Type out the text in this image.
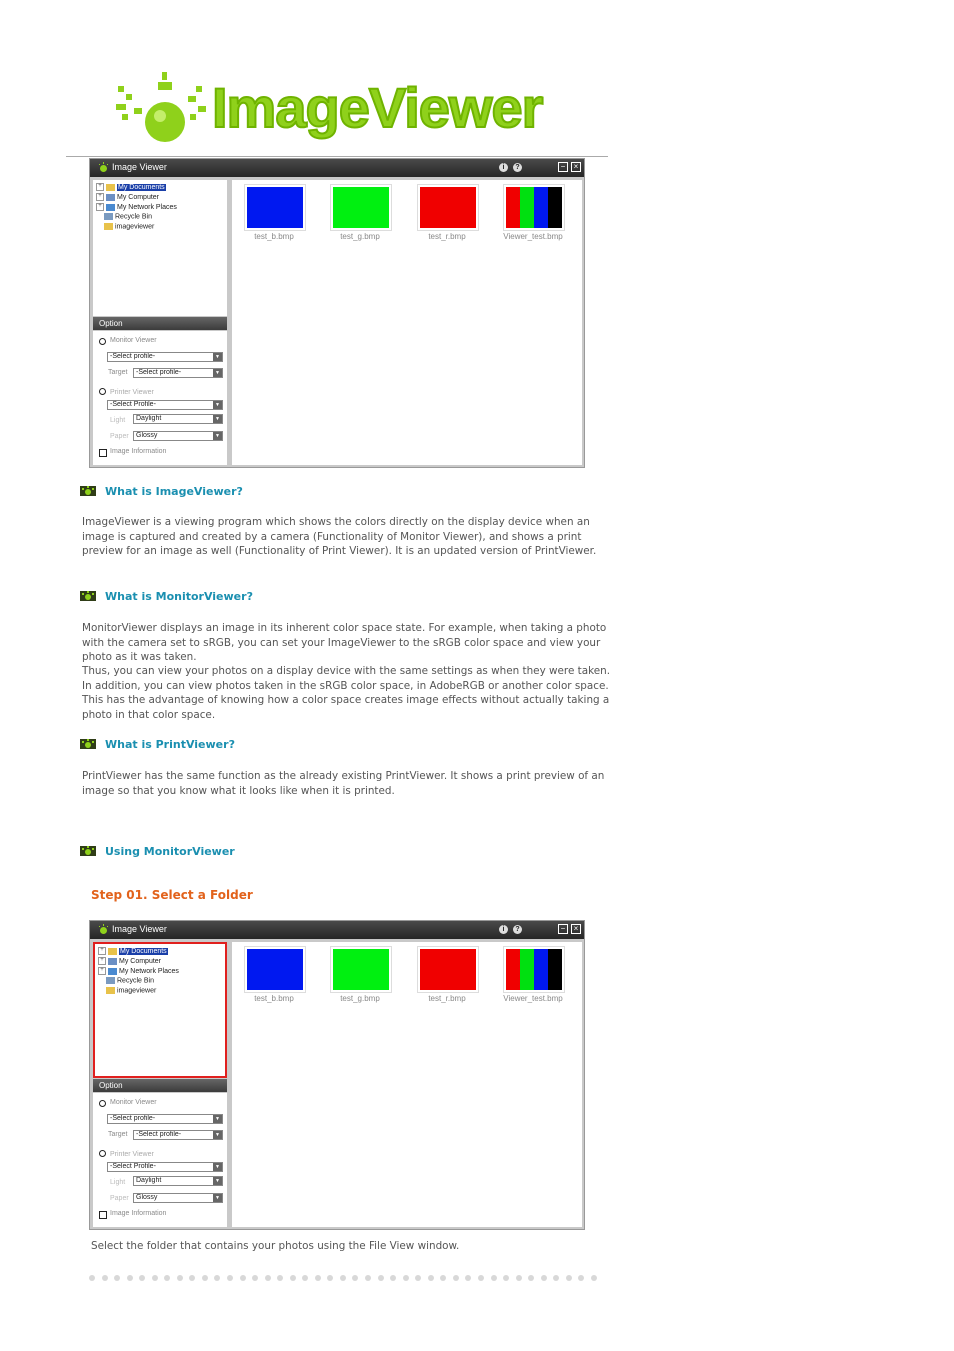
ImageViewer
Image Viewer	i	?	−	×
+ My Documents
+ My Computer
+ My Network Places
Recycle Bin
imageviewer
Option
Monitor Viewer
-Select profile-	▼
Target	-Select profile-	▼
Printer Viewer
-Select Profile-	▼
Light	Daylight	▼
Paper	Glossy	▼
Image Information
test_b.bmp	test_g.bmp	test_r.bmp	Viewer_test.bmp
What is ImageViewer?
ImageViewer is a viewing program which shows the colors directly on the display device when an image is captured and created by a camera (Functionality of Monitor Viewer), and shows a print preview for an image as well (Functionality of Print Viewer). It is an updated version of PrintViewer.
What is MonitorViewer?
MonitorViewer displays an image in its inherent color space state. For example, when taking a photo with the camera set to sRGB, you can set your ImageViewer to the sRGB color space and view your photo as it was taken.
Thus, you can view your photos on a display device with the same settings as when they were taken. In addition, you can view photos taken in the sRGB color space, in AdobeRGB or another color space. This has the advantage of knowing how a color space creates image effects without actually taking a photo in that color space.
What is PrintViewer?
PrintViewer has the same function as the already existing PrintViewer. It shows a print preview of an image so that you know what it looks like when it is printed.
Using MonitorViewer
Step 01. Select a Folder
Image Viewer	i	?	−	×
+ My Documents
+ My Computer
+ My Network Places
Recycle Bin
imageviewer
Option
Monitor Viewer
-Select profile-	▼
Target	-Select profile-	▼
Printer Viewer
-Select Profile-	▼
Light	Daylight	▼
Paper	Glossy	▼
Image Information
test_b.bmp	test_g.bmp	test_r.bmp	Viewer_test.bmp
Select the folder that contains your photos using the File View window.
